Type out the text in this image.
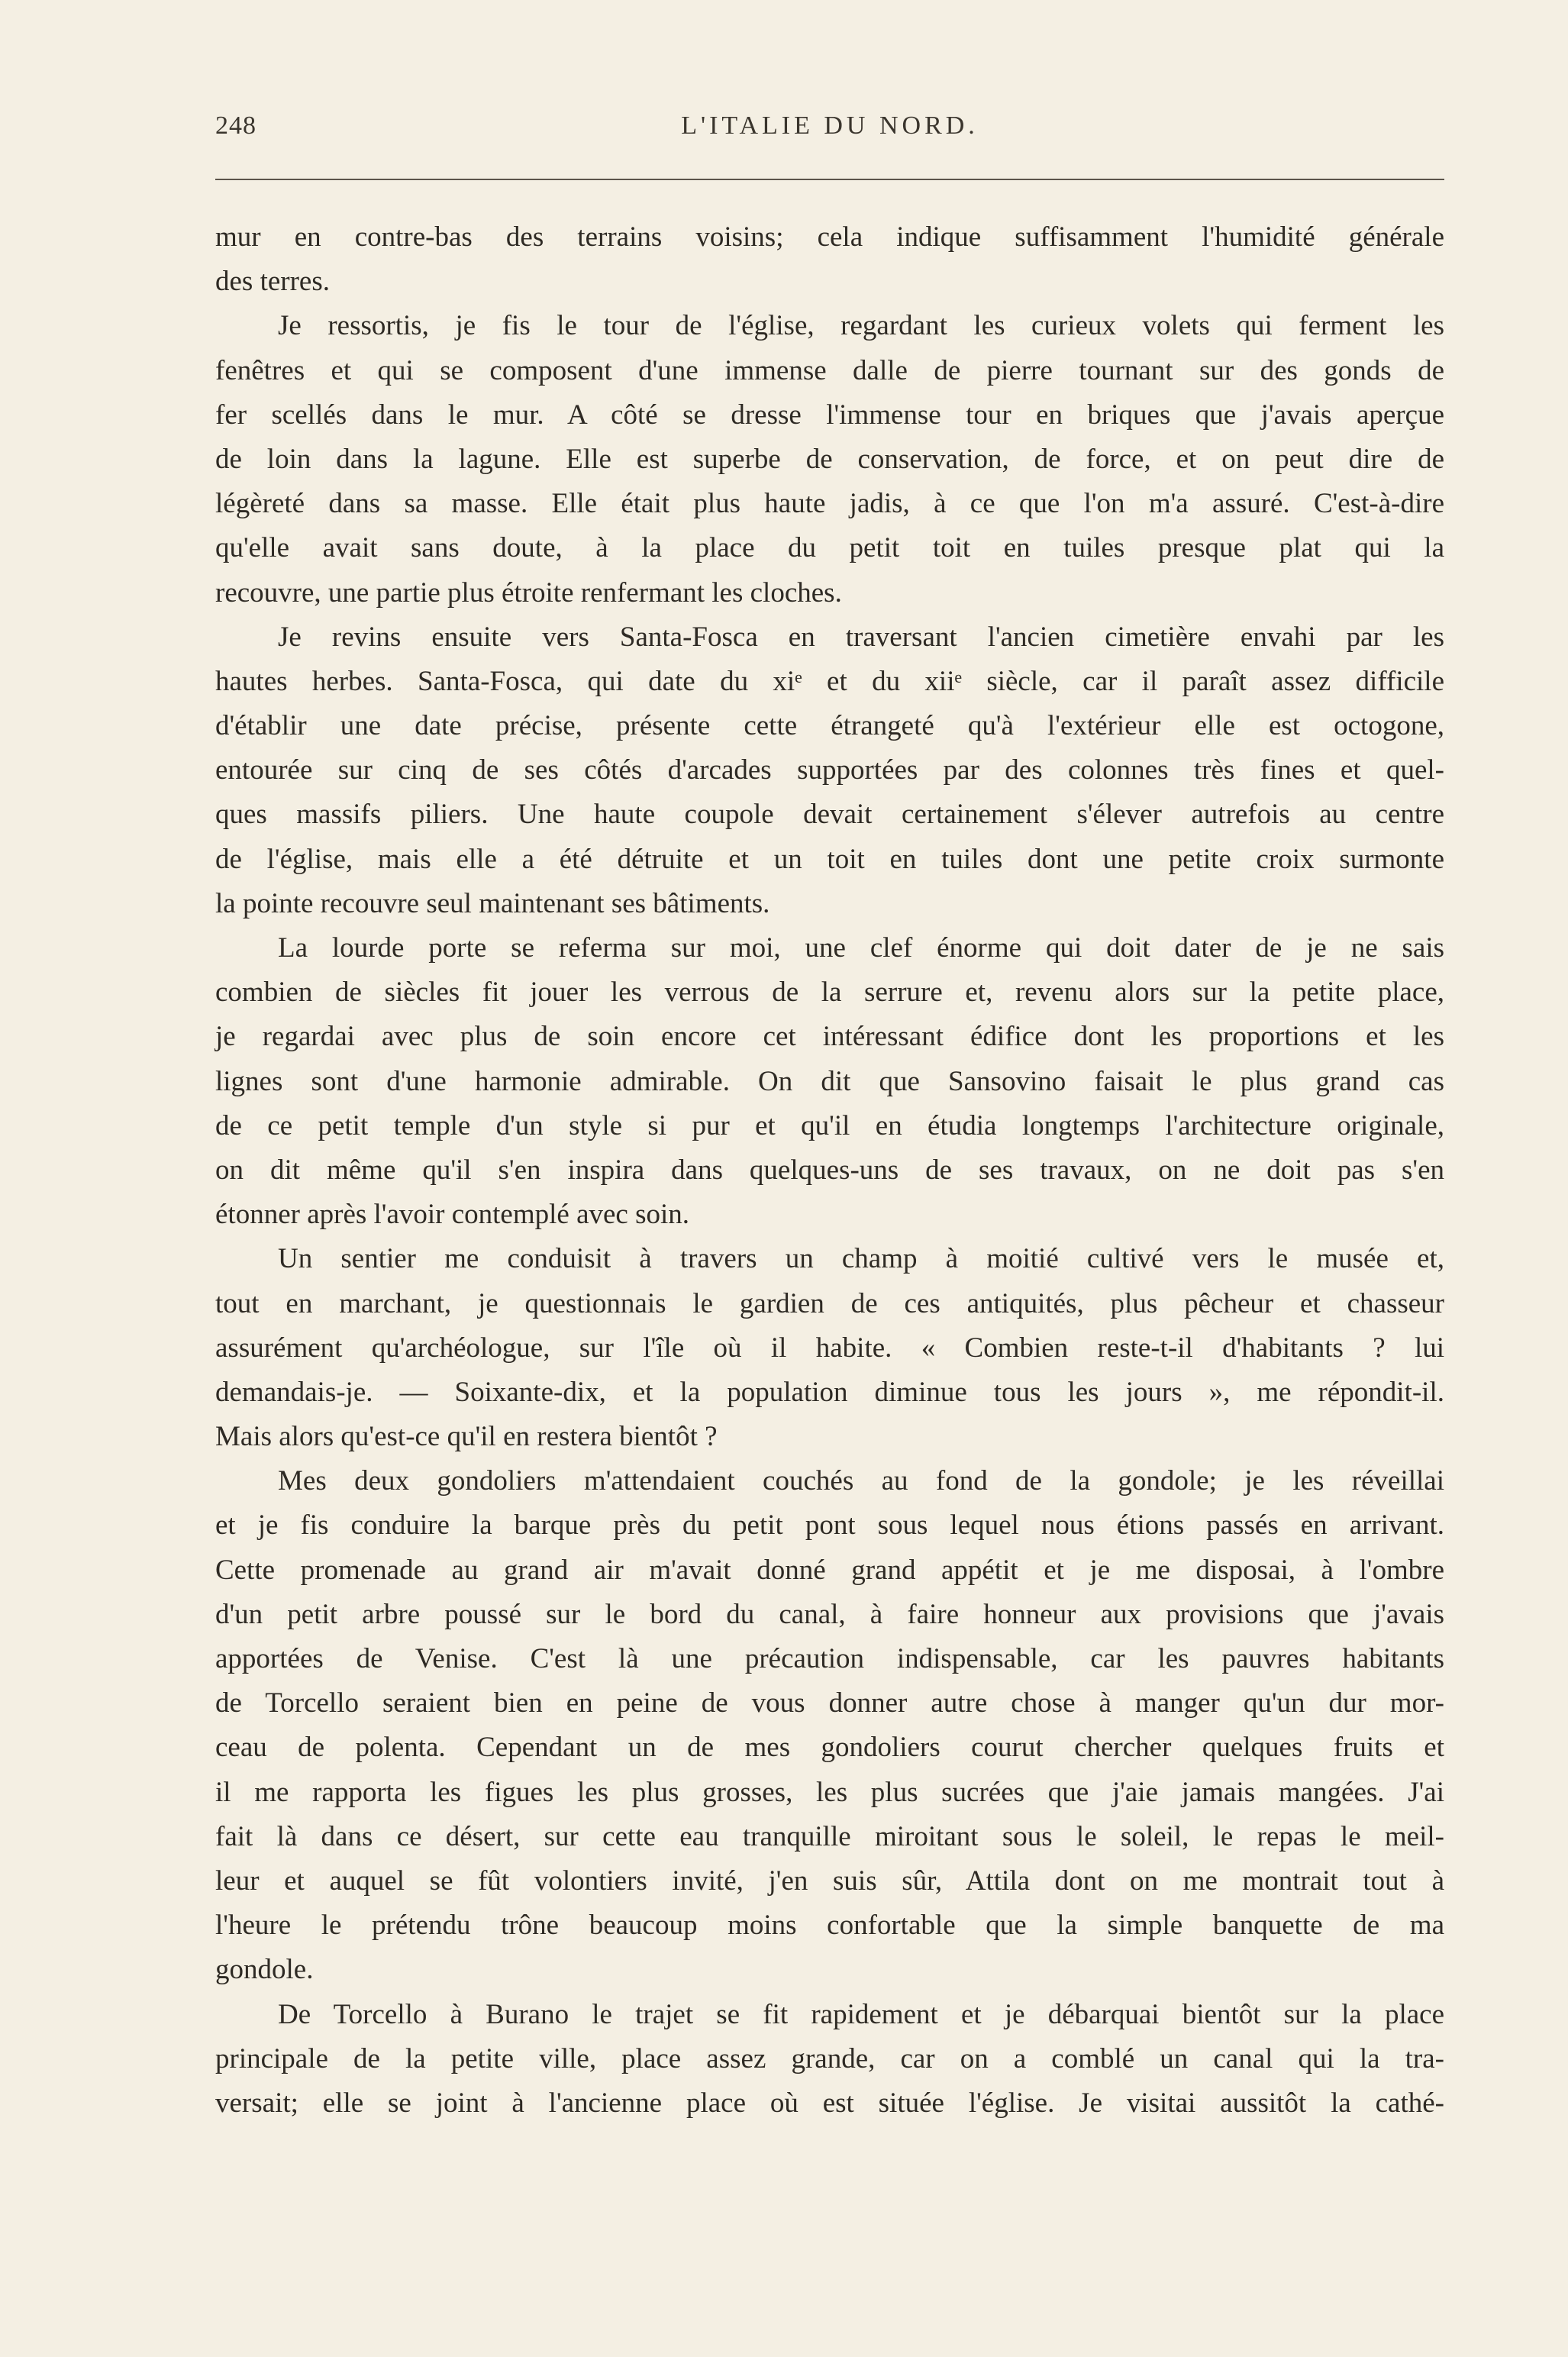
248	L'ITALIE DU NORD.
mur en contre-bas des terrains voisins; cela indique suffisamment l'humidité générale
des terres.
Je ressortis, je fis le tour de l'église, regardant les curieux volets qui ferment les
fenêtres et qui se composent d'une immense dalle de pierre tournant sur des gonds de
fer scellés dans le mur. A côté se dresse l'immense tour en briques que j'avais aperçue
de loin dans la lagune. Elle est superbe de conservation, de force, et on peut dire de
légèreté dans sa masse. Elle était plus haute jadis, à ce que l'on m'a assuré. C'est-à-dire
qu'elle avait sans doute, à la place du petit toit en tuiles presque plat qui la
recouvre, une partie plus étroite renfermant les cloches.
Je revins ensuite vers Santa-Fosca en traversant l'ancien cimetière envahi par les
hautes herbes. Santa-Fosca, qui date du xiᵉ et du xiiᵉ siècle, car il paraît assez difficile
d'établir une date précise, présente cette étrangeté qu'à l'extérieur elle est octogone,
entourée sur cinq de ses côtés d'arcades supportées par des colonnes très fines et quel-
ques massifs piliers. Une haute coupole devait certainement s'élever autrefois au centre
de l'église, mais elle a été détruite et un toit en tuiles dont une petite croix surmonte
la pointe recouvre seul maintenant ses bâtiments.
La lourde porte se referma sur moi, une clef énorme qui doit dater de je ne sais
combien de siècles fit jouer les verrous de la serrure et, revenu alors sur la petite place,
je regardai avec plus de soin encore cet intéressant édifice dont les proportions et les
lignes sont d'une harmonie admirable. On dit que Sansovino faisait le plus grand cas
de ce petit temple d'un style si pur et qu'il en étudia longtemps l'architecture originale,
on dit même qu'il s'en inspira dans quelques-uns de ses travaux, on ne doit pas s'en
étonner après l'avoir contemplé avec soin.
Un sentier me conduisit à travers un champ à moitié cultivé vers le musée et,
tout en marchant, je questionnais le gardien de ces antiquités, plus pêcheur et chasseur
assurément qu'archéologue, sur l'île où il habite. « Combien reste-t-il d'habitants ? lui
demandais-je. — Soixante-dix, et la population diminue tous les jours », me répondit-il.
Mais alors qu'est-ce qu'il en restera bientôt ?
Mes deux gondoliers m'attendaient couchés au fond de la gondole; je les réveillai
et je fis conduire la barque près du petit pont sous lequel nous étions passés en arrivant.
Cette promenade au grand air m'avait donné grand appétit et je me disposai, à l'ombre
d'un petit arbre poussé sur le bord du canal, à faire honneur aux provisions que j'avais
apportées de Venise. C'est là une précaution indispensable, car les pauvres habitants
de Torcello seraient bien en peine de vous donner autre chose à manger qu'un dur mor-
ceau de polenta. Cependant un de mes gondoliers courut chercher quelques fruits et
il me rapporta les figues les plus grosses, les plus sucrées que j'aie jamais mangées. J'ai
fait là dans ce désert, sur cette eau tranquille miroitant sous le soleil, le repas le meil-
leur et auquel se fût volontiers invité, j'en suis sûr, Attila dont on me montrait tout à
l'heure le prétendu trône beaucoup moins confortable que la simple banquette de ma
gondole.
De Torcello à Burano le trajet se fit rapidement et je débarquai bientôt sur la place
principale de la petite ville, place assez grande, car on a comblé un canal qui la tra-
versait; elle se joint à l'ancienne place où est située l'église. Je visitai aussitôt la cathé-
